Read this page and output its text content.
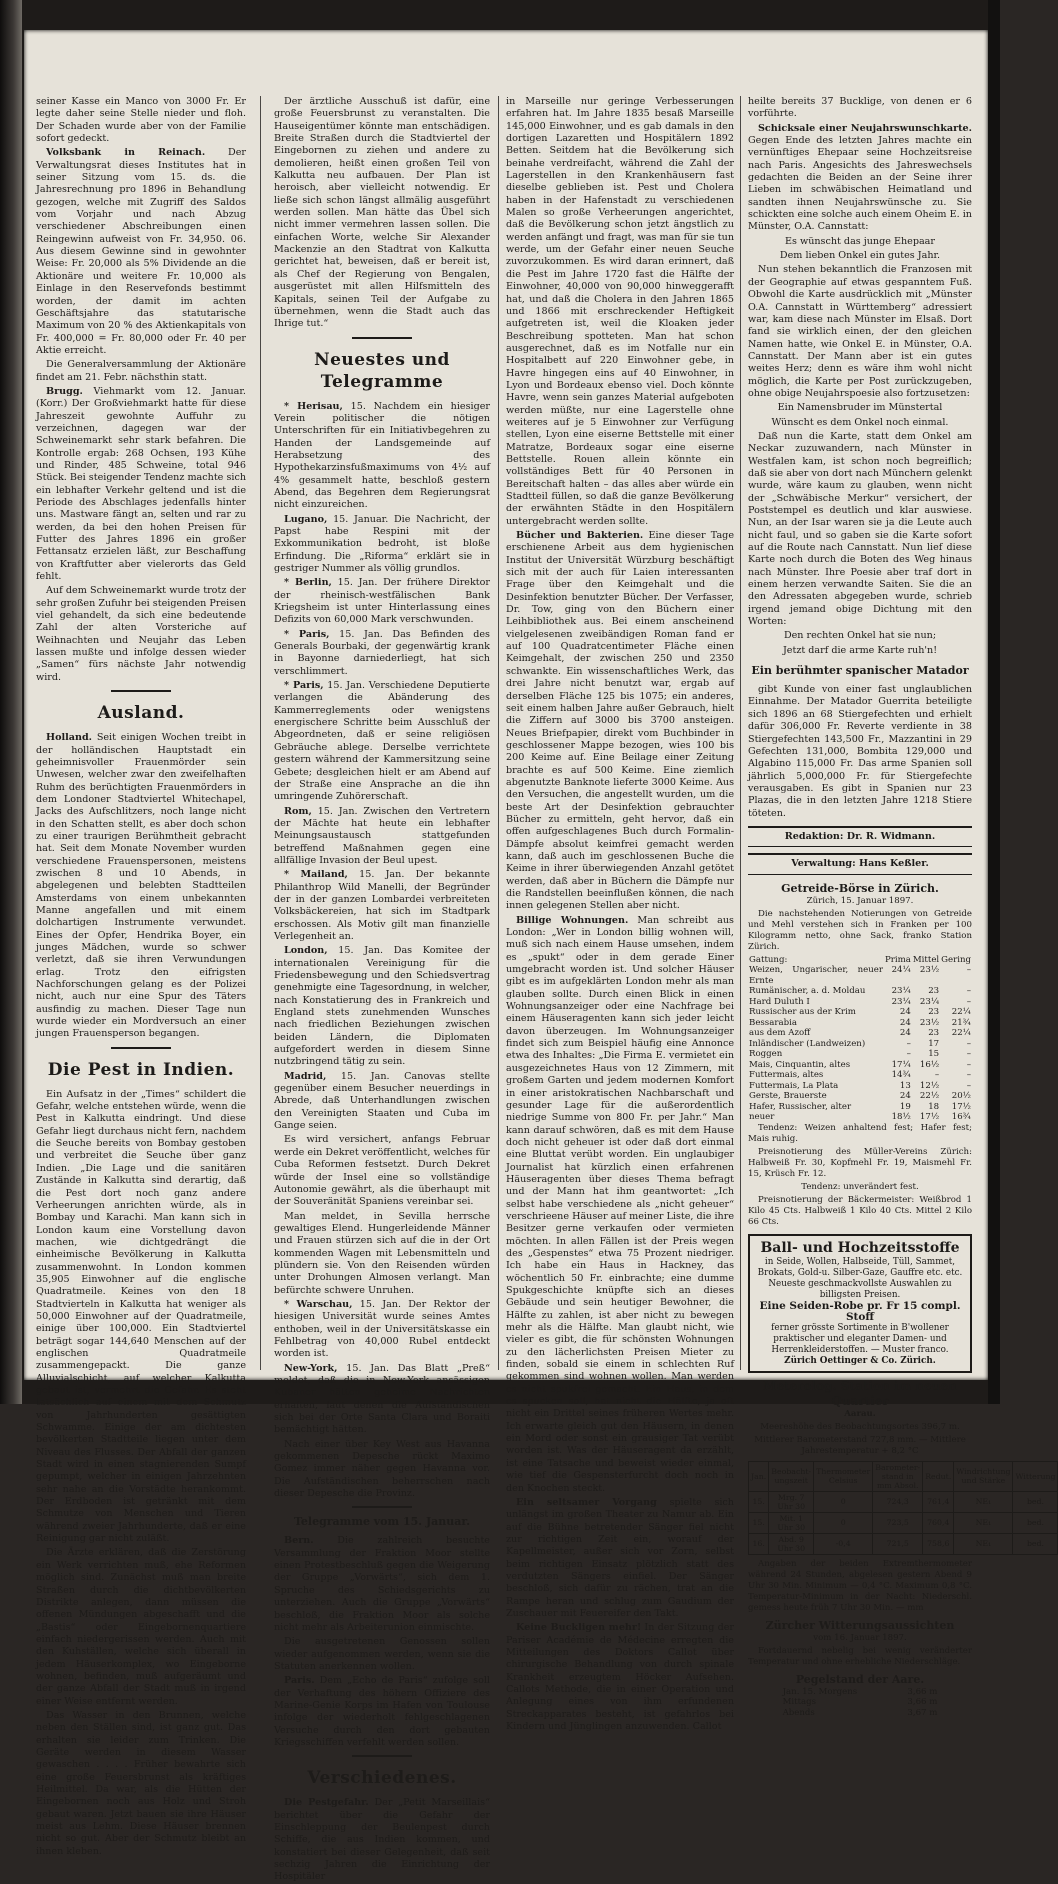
seiner Kasse ein Manco von 3000 Fr. Er legte daher seine Stelle nieder und floh. Der Schaden wurde aber von der Familie sofort gedeckt.

Volksbank in Reinach. Der Verwaltungsrat dieses Institutes hat in seiner Sitzung vom 15. ds. die Jahresrechnung pro 1896 in Behandlung gezogen, welche mit Zugriff des Saldos vom Vorjahr und nach Abzug verschiedener Abschreibungen einen Reingewinn aufweist von Fr. 34,950. 06. Aus diesem Gewinne sind in gewohnter Weise: Fr. 20,000 als 5% Dividende an die Aktionäre und weitere Fr. 10,000 als Einlage in den Reservefonds bestimmt worden, der damit im achten Geschäftsjahre das statutarische Maximum von 20 % des Aktienkapitals von Fr. 400,000 = Fr. 80,000 oder Fr. 40 per Aktie erreicht.

Die Generalversammlung der Aktionäre findet am 21. Febr. nächsthin statt.

Brugg. Viehmarkt vom 12. Januar. (Korr.) Der Großviehmarkt hatte für diese Jahreszeit gewohnte Auffuhr zu verzeichnen, dagegen war der Schweinemarkt sehr stark befahren. Die Kontrolle ergab: 268 Ochsen, 193 Kühe und Rinder, 485 Schweine, total 946 Stück. Bei steigender Tendenz machte sich ein lebhafter Verkehr geltend und ist die Periode des Abschlages jedenfalls hinter uns. Mastware fängt an, selten und rar zu werden, da bei den hohen Preisen für Futter des Jahres 1896 ein großer Fettansatz erzielen läßt, zur Beschaffung von Kraftfutter aber vielerorts das Geld fehlt.

Auf dem Schweinemarkt wurde trotz der sehr großen Zufuhr bei steigenden Preisen viel gehandelt, da sich eine bedeutende Zahl der alten Vorsteriche auf Weihnachten und Neujahr das Leben lassen mußte und infolge dessen wieder „Samen“ fürs nächste Jahr notwendig wird.

Ausland.

Holland. Seit einigen Wochen treibt in der holländischen Hauptstadt ein geheimnisvoller Frauenmörder sein Unwesen, welcher zwar den zweifelhaften Ruhm des berüchtigten Frauenmörders in dem Londoner Stadtviertel Whitechapel, Jacks des Aufschlitzers, noch lange nicht in den Schatten stellt, es aber doch schon zu einer traurigen Berühmtheit gebracht hat. Seit dem Monate November wurden verschiedene Frauenspersonen, meistens zwischen 8 und 10 Abends, in abgelegenen und belebten Stadtteilen Amsterdams von einem unbekannten Manne angefallen und mit einem dolchartigen Instrumente verwundet. Eines der Opfer, Hendrika Boyer, ein junges Mädchen, wurde so schwer verletzt, daß sie ihren Verwundungen erlag. Trotz den eifrigsten Nachforschungen gelang es der Polizei nicht, auch nur eine Spur des Täters ausfindig zu machen. Dieser Tage nun wurde wieder ein Mordversuch an einer jungen Frauensperson begangen.

Die Pest in Indien.

Ein Aufsatz in der „Times“ schildert die Gefahr, welche entstehen würde, wenn die Pest in Kalkutta eindringt. Und diese Gefahr liegt durchaus nicht fern, nachdem die Seuche bereits von Bombay gestoben und verbreitet die Seuche über ganz Indien. „Die Lage und die sanitären Zustände in Kalkutta sind derartig, daß die Pest dort noch ganz andere Verheerungen anrichten würde, als in Bombay und Karachi. Man kann sich in London kaum eine Vorstellung davon machen, wie dichtgedrängt die einheimische Bevölkerung in Kalkutta zusammenwohnt. In London kommen 35,905 Einwohner auf die englische Quadratmeile. Keines von den 18 Stadtvierteln in Kalkutta hat weniger als 50,000 Einwohner auf der Quadratmeile, einige über 100,000. Ein Stadtviertel beträgt sogar 144,640 Menschen auf der englischen Quadratmeile zusammengepackt. Die ganze Alluvialschicht, auf welcher Kalkutta gebaut ist, vermehrt die Gefahr. Es steht tatsächlich auf einem mit dem Schmutz von Jahrhunderten gesättigten Schwamme. Einige der am dichtesten bevölkerten Stadtteile liegen unter dem Niveau des Flusses. Der Abfall der ganzen Stadt wird in einen stagnierenden Sumpf gepumpt, welcher in einigen Jahrzehnten sehr nahe an die Vorstädte herankommt. Der Erdboden ist getränkt mit dem Schmutze von Menschen und Tieren während zweier Jahrhunderte, daß er eine Reinigung gar nicht zuläßt.

Die Ärzte erklären, daß die Zerstörung ein Werk verrichten muß, ehe Reformen möglich sind. Zunächst muß man breite Straßen durch die dichtbevölkerten Distrikte anlegen, dann müssen die offenen Mündungen abgeschafft und die „Bastis“ oder Eingebornenquartiere einfach niedergerissen werden. Auch mit den Kuhställen, welche sich überall in jedem Häuserkomplex, wo Eingeborne wohnen, befinden, muß aufgeräumt und der ganze Abfall der Stadt muß in irgend einer Weise entfernt werden.

Das Wasser in den Brunnen, welche neben den Ställen sind, ist ganz gut. Das erhalten sie leider zum Trinken. Die Geräte werden in diesem Wasser gewaschen . . . . Früher bewahrte sich eine große Feuersbrunst als kräftiges Heilmittel. Da war, als die Hütten der Eingebornen noch aus Holz und Stroh gebaut waren. Jetzt bauen sie ihre Häuser meist aus Lehm. Diese Häuser brennen nicht so gut. Aber der Schmutz bleibt an ihnen kleben.

Der ärztliche Ausschuß ist dafür, eine große Feuersbrunst zu veranstalten. Die Hauseigentümer könnte man entschädigen. Breite Straßen durch die Stadtviertel der Eingebornen zu ziehen und andere zu demolieren, heißt einen großen Teil von Kalkutta neu aufbauen. Der Plan ist heroisch, aber vielleicht notwendig. Er ließe sich schon längst allmälig ausgeführt werden sollen. Man hätte das Übel sich nicht immer vermehren lassen sollen. Die einfachen Worte, welche Sir Alexander Mackenzie an den Stadtrat von Kalkutta gerichtet hat, beweisen, daß er bereit ist, als Chef der Regierung von Bengalen, ausgerüstet mit allen Hilfsmitteln des Kapitals, seinen Teil der Aufgabe zu übernehmen, wenn die Stadt auch das Ihrige tut.“

Neuestes und Telegramme

* Herisau, 15. Nachdem ein hiesiger Verein politischer die nötigen Unterschriften für ein Initiativbegehren zu Handen der Landsgemeinde auf Herabsetzung des Hypothekarzinsfußmaximums von 4½ auf 4% gesammelt hatte, beschloß gestern Abend, das Begehren dem Regierungsrat nicht einzureichen.

Lugano, 15. Januar. Die Nachricht, der Papst habe Respini mit der Exkommunikation bedroht, ist bloße Erfindung. Die „Riforma“ erklärt sie in gestriger Nummer als völlig grundlos.

* Berlin, 15. Jan. Der frühere Direktor der rheinisch-westfälischen Bank Kriegsheim ist unter Hinterlassung eines Defizits von 60,000 Mark verschwunden.

* Paris, 15. Jan. Das Befinden des Generals Bourbaki, der gegenwärtig krank in Bayonne darniederliegt, hat sich verschlimmert.

* Paris, 15. Jan. Verschiedene Deputierte verlangen die Abänderung des Kammerreglements oder wenigstens energischere Schritte beim Ausschluß der Abgeordneten, daß er seine religiösen Gebräuche ablege. Derselbe verrichtete gestern während der Kammersitzung seine Gebete; desgleichen hielt er am Abend auf der Straße eine Ansprache an die ihn umringende Zuhörerschaft.

Rom, 15. Jan. Zwischen den Vertretern der Mächte hat heute ein lebhafter Meinungsaustausch stattgefunden betreffend Maßnahmen gegen eine allfällige Invasion der Beul upest.

* Mailand, 15. Jan. Der bekannte Philanthrop Wild Manelli, der Begründer der in der ganzen Lombardei verbreiteten Volksbäckereien, hat sich im Stadtpark erschossen. Als Motiv gilt man finanzielle Verlegenheit an.

London, 15. Jan. Das Komitee der internationalen Vereinigung für die Friedensbewegung und den Schiedsvertrag genehmigte eine Tagesordnung, in welcher, nach Konstatierung des in Frankreich und England stets zunehmenden Wunsches nach friedlichen Beziehungen zwischen beiden Ländern, die Diplomaten aufgefordert werden in diesem Sinne nutzbringend tätig zu sein.

Madrid, 15. Jan. Canovas stellte gegenüber einem Besucher neuerdings in Abrede, daß Unterhandlungen zwischen den Vereinigten Staaten und Cuba im Gange seien.

Es wird versichert, anfangs Februar werde ein Dekret veröffentlicht, welches für Cuba Reformen festsetzt. Durch Dekret würde der Insel eine so vollständige Autonomie gewährt, als die überhaupt mit der Souveränität Spaniens vereinbar sei.

Man meldet, in Sevilla herrsche gewaltiges Elend. Hungerleidende Männer und Frauen stürzen sich auf die in der Ort kommenden Wagen mit Lebensmitteln und plündern sie. Von den Reisenden würden unter Drohungen Almosen verlangt. Man befürchte schwere Unruhen.

* Warschau, 15. Jan. Der Rektor der hiesigen Universität wurde seines Amtes enthoben, weil in der Universitätskasse ein Fehlbetrag von 40,000 Rubel entdeckt worden ist.

New-York, 15. Jan. Das Blatt „Preß“ meldet, daß die in New-York ansässigen Kubaner hätten geheime Nachrichten erhalten, laut denen die Aufständischen sich bei der Orte Santa Clara und Boraiti bemächtigt hätten.

Nach einer über Key West aus Havanna gekommenen Depesche rückt Maximo Gomez immer näher gegen Havanna vor. Die Aufständischen beherrschen nach dieser Depesche die Provinz.

Telegramme vom 15. Januar.

Bern. Die zahlreich besuchte Versammlung der Fraktion Moor stellte einen Protestbeschluß gegen die Weigerung der Gruppe „Vorwärts“, sich dem 1. Spruche des Schiedsgerichts zu unterziehen. Auch die Gruppe „Vorwärts“ beschloß, die Fraktion Moor als solche nicht mehr als Arbeiterunion einmischte.

Die ausgetretenen Genossen sollen wieder aufgenommen werden, wenn sie die Statuten anerkennen wollen.

Paris. Dem „Echo de Paris“ zufolge soll der Verhaftung des höhern Offiziere des Marine-Genie Korps im Hafen von Toulouse infolge der wiederholt fehlgeschlagenen Versuche durch den dort gebauten Kriegsschiffen verfehlt werden sollen.

Verschiedenes.

Die Pestgefahr. Der „Petit Marseillais“ berichtet über die Gefahr der Einschleppung der Beulenpest durch Schiffe, die aus Indien kommen, und konstatiert bei dieser Gelegenheit, daß seit sechzig Jahren die Einrichtung der Hospitäler

in Marseille nur geringe Verbesserungen erfahren hat. Im Jahre 1835 besaß Marseille 145,000 Einwohner, und es gab damals in den dortigen Lazaretten und Hospitälern 1892 Betten. Seitdem hat die Bevölkerung sich beinahe verdreifacht, während die Zahl der Lagerstellen in den Krankenhäusern fast dieselbe geblieben ist. Pest und Cholera haben in der Hafenstadt zu verschiedenen Malen so große Verheerungen angerichtet, daß die Bevölkerung schon jetzt ängstlich zu werden anfängt und fragt, was man für sie tun werde, um der Gefahr einer neuen Seuche zuvorzukommen. Es wird daran erinnert, daß die Pest im Jahre 1720 fast die Hälfte der Einwohner, 40,000 von 90,000 hinweggerafft hat, und daß die Cholera in den Jahren 1865 und 1866 mit erschreckender Heftigkeit aufgetreten ist, weil die Kloaken jeder Beschreibung spotteten. Man hat schon ausgerechnet, daß es im Notfalle nur ein Hospitalbett auf 220 Einwohner gebe, in Havre hingegen eins auf 40 Einwohner, in Lyon und Bordeaux ebenso viel. Doch könnte Havre, wenn sein ganzes Material aufgeboten werden müßte, nur eine Lagerstelle ohne weiteres auf je 5 Einwohner zur Verfügung stellen, Lyon eine eiserne Bettstelle mit einer Matratze, Bordeaux sogar eine eiserne Bettstelle. Rouen allein könnte ein vollständiges Bett für 40 Personen in Bereitschaft halten – das alles aber würde ein Stadtteil füllen, so daß die ganze Bevölkerung der erwähnten Städte in den Hospitälern untergebracht werden sollte.

Bücher und Bakterien. Eine dieser Tage erschienene Arbeit aus dem hygienischen Institut der Universität Würzburg beschäftigt sich mit der auch für Laien interessanten Frage über den Keimgehalt und die Desinfektion benutzter Bücher. Der Verfasser, Dr. Tow, ging von den Büchern einer Leihbibliothek aus. Bei einem anscheinend vielgelesenen zweibändigen Roman fand er auf 100 Quadratcentimeter Fläche einen Keimgehalt, der zwischen 250 und 2350 schwankte. Ein wissenschaftliches Werk, das drei Jahre nicht benutzt war, ergab auf derselben Fläche 125 bis 1075; ein anderes, seit einem halben Jahre außer Gebrauch, hielt die Ziffern auf 3000 bis 3700 ansteigen. Neues Briefpapier, direkt vom Buchbinder in geschlossener Mappe bezogen, wies 100 bis 200 Keime auf. Eine Beilage einer Zeitung brachte es auf 500 Keime. Eine ziemlich abgenutzte Banknote lieferte 3000 Keime. Aus den Versuchen, die angestellt wurden, um die beste Art der Desinfektion gebrauchter Bücher zu ermitteln, geht hervor, daß ein offen aufgeschlagenes Buch durch Formalin-Dämpfe absolut keimfrei gemacht werden kann, daß auch im geschlossenen Buche die Keime in ihrer überwiegenden Anzahl getötet werden, daß aber in Büchern die Dämpfe nur die Randstellen beeinflußen können, die nach innen gelegenen Stellen aber nicht.

Billige Wohnungen. Man schreibt aus London: „Wer in London billig wohnen will, muß sich nach einem Hause umsehen, indem es „spukt“ oder in dem gerade Einer umgebracht worden ist. Und solcher Häuser gibt es im aufgeklärten London mehr als man glauben sollte. Durch einen Blick in einen Wohnungsanzeiger oder eine Nachfrage bei einem Häuseragenten kann sich jeder leicht davon überzeugen. Im Wohnungsanzeiger findet sich zum Beispiel häufig eine Annonce etwa des Inhaltes: „Die Firma E. vermietet ein ausgezeichnetes Haus von 12 Zimmern, mit großem Garten und jedem modernen Komfort in einer aristokratischen Nachbarschaft und gesunder Lage für die außerordentlich niedrige Summe von 800 Fr. per Jahr.“ Man kann darauf schwören, daß es mit dem Hause doch nicht geheuer ist oder daß dort einmal eine Bluttat verübt worden. Ein unglaubiger Journalist hat kürzlich einen erfahrenen Häuseragenten über dieses Thema befragt und der Mann hat ihm geantwortet: „Ich selbst habe verschiedene als „nicht geheuer“ verschrieene Häuser auf meiner Liste, die ihre Besitzer gerne verkaufen oder vermieten möchten. In allen Fällen ist der Preis wegen des „Gespenstes“ etwa 75 Prozent niedriger. Ich habe ein Haus in Hackney, das wöchentlich 50 Fr. einbrachte; eine dumme Spukgeschichte knüpfte sich an dieses Gebäude und sein heutiger Bewohner, die Hälfte zu zahlen, ist aber nicht zu bewegen mehr als die Hälfte. Man glaubt nicht, wie vieler es gibt, die für schönsten Wohnungen zu den lächerlichsten Preisen Mieter zu finden, sobald sie einem in schlechten Ruf gekommen sind wohnen wollen. Man werden es nicht spukfrei gemacht. Ein Haus, in dem es spucken soll, hat nicht die Hälfte, ja oft nicht ein Drittel seines früheren Wertes mehr. Ich erwarte gleich gut den Häusern, in denen ein Mord oder sonst ein grausiger Tat verübt worden ist. Was der Häuseragent da erzählt, ist eine Tatsache und beweist wieder einmal, wie tief die Gespensterfurcht doch noch in den Knochen steckt.

Ein seltsamer Vorgang spielte sich unlängst im großen Theater zu Namur ab. Ein auf die Bühne betretender Sänger fiel nicht zur richtigen Zeit ein, worauf der Kapellmeister, außer sich vor Zorn, selbst beim richtigen Einsatz plötzlich statt des verdutzten Sängers einfiel. Der Sänger beschloß, sich dafür zu rächen, trat an die Rampe heran und schlug zum Gaudium der Zuschauer mit Feuereifer den Takt.

Keine Buckligen mehr! In der Sitzung der Pariser Académie de Médecine erregten die Mitteilungen des Doktors Callot über chirurgische Behandlung von durch spinale Krankheit erzeugtem Höcker Aufsehen. Callots Methode, die in einer Operation und Anlegung eines von ihm erfundenen Streckapparates besteht, ist gefahrlos bei Kindern und Jünglingen anzuwenden. Callot

heilte bereits 37 Bucklige, von denen er 6 vorführte.

Schicksale einer Neujahrswunschkarte. Gegen Ende des letzten Jahres machte ein vernünftiges Ehepaar seine Hochzeitsreise nach Paris. Angesichts des Jahreswechsels gedachten die Beiden an der Seine ihrer Lieben im schwäbischen Heimatland und sandten ihnen Neujahrswünsche zu. Sie schickten eine solche auch einem Oheim E. in Münster, O.A. Cannstatt:

Es wünscht das junge Ehepaar

Dem lieben Onkel ein gutes Jahr.

Nun stehen bekanntlich die Franzosen mit der Geographie auf etwas gespanntem Fuß. Obwohl die Karte ausdrücklich mit „Münster O.A. Cannstatt in Württemberg“ adressiert war, kam diese nach Münster im Elsaß. Dort fand sie wirklich einen, der den gleichen Namen hatte, wie Onkel E. in Münster, O.A. Cannstatt. Der Mann aber ist ein gutes weites Herz; denn es wäre ihm wohl nicht möglich, die Karte per Post zurückzugeben, ohne obige Neujahrspoesie also fortzusetzen:

Ein Namensbruder im Münstertal

Wünscht es dem Onkel noch einmal.

Daß nun die Karte, statt dem Onkel am Neckar zuzuwandern, nach Münster in Westfalen kam, ist schon noch begreiflich; daß sie aber von dort nach Münchern gelenkt wurde, wäre kaum zu glauben, wenn nicht der „Schwäbische Merkur“ versichert, der Poststempel es deutlich und klar auswiese. Nun, an der Isar waren sie ja die Leute auch nicht faul, und so gaben sie die Karte sofort auf die Route nach Cannstatt. Nun lief diese Karte noch durch die Boten des Weg hinaus nach Münster. Ihre Poesie aber traf dort in einem herzen verwandte Saiten. Sie die an den Adressaten abgegeben wurde, schrieb irgend jemand obige Dichtung mit den Worten:

Den rechten Onkel hat sie nun;

Jetzt darf die arme Karte ruh'n!

Ein berühmter spanischer Matador

gibt Kunde von einer fast unglaublichen Einnahme. Der Matador Guerrita beteiligte sich 1896 an 68 Stiergefechten und erhielt dafür 306,000 Fr. Reverte verdiente in 38 Stiergefechten 143,500 Fr., Mazzantini in 29 Gefechten 131,000, Bombita 129,000 und Algabino 115,000 Fr. Das arme Spanien soll jährlich 5,000,000 Fr. für Stiergefechte verausgaben. Es gibt in Spanien nur 23 Plazas, die in den letzten Jahre 1218 Stiere töteten.

Redaktion: Dr. R. Widmann.
Verwaltung: Hans Keßler.
Getreide-Börse in Zürich.

Zürich, 15. Januar 1897.

Die nachstehenden Notierungen von Getreide und Mehl verstehen sich in Franken per 100 Kilogramm netto, ohne Sack, franko Station Zürich.

Gattung:	Prima	Mittel	Gering
Weizen, Ungarischer, neuer Ernte	24¼	23½	–
Rumänischer, a. d. Moldau	23¼	23	–
Hard Duluth I	23¼	23¼	–
Russischer aus der Krim	24	23	22¼
Bessarabia	24	23½	21¾
aus dem Azoff	24	23	22¼
Inländischer (Landweizen)	–	17	–
Roggen	–	15	–
Mais, Cinquantin, altes	17¼	16½	–
Futtermais, altes	14¾	–	–
Futtermais, La Plata	13	12½	–
Gerste, Brauerste	24	22½	20½
Hafer, Russischer, alter	19	18	17½
neuer	18½	17½	16¾

Tendenz: Weizen anhaltend fest; Hafer fest; Mais ruhig.

Preisnotierung des Müller-Vereins Zürich: Halbweiß Fr. 30, Kopfmehl Fr. 19, Maismehl Fr. 15, Krüsch Fr. 12.

Tendenz: unverändert fest.

Preisnotierung der Bäckermeister: Weißbrod 1 Kilo 45 Cts. Halbweiß 1 Kilo 40 Cts. Mittel 2 Kilo 66 Cts.

Ball- und Hochzeitsstoffe
in Seide, Wollen, Halbseide, Tüll, Sammet, Brokats, Gold-u. Silber-Gaze, Gauffre etc. etc.
Neueste geschmackvollste Auswahlen zu billigsten Preisen.
Eine Seiden-Robe pr. Fr 15 compl. Stoff
ferner grösste Sortimente in B'wollener praktischer und eleganter Damen- und Herrenkleiderstoffen. — Muster franco.
Zürich Oettinger & Co. Zürich.
Meterolog. Station im neuen Quartier

Aarau.

Meereshöhe des Beobachtungsortes 396,7 m.

Mittlerer Barometerstand 727,8 mm. — Mittlere Jahrestemperatur + 8,2 °C

Jan.	Beobacht-ungszeit	Thermometer Celsius	Barometer-stand in mm Absol.	Redut.	Windrichtung und Stärke	Witterung
15.	Mrg. 7 Uhr 30	0	724,3	761,4	NE₁	bed.
15.	Mit. 1 Uhr 30	0	723,5	760,4	NE₁	bed.
16.	Abd. 9 Uhr 30	-0,4	721,5	758,6	NE₁	bed.

Angaben der beiden Extremthermometer während 24 Stunden, abgelesen gestern Abend 9 Uhr 30 Min. Minimum — 0,4 °C. Maximum 0,8 °C. Temperatur-Minimum in der Nacht: Niederschl. gemess heute früh 7 Uhr 30 Min. — mm

Zürcher Witterungsaussichten

vom 16. Januar 1897.

Fortdauernd nebelig bei wenig veränderter Temperatur und ohne erhebliche Niederschläge.

Pegelstand der Aare.
Jan. 15. Morgens	3,66 m
Mittags	3,66 m
Abends	3,67 m
